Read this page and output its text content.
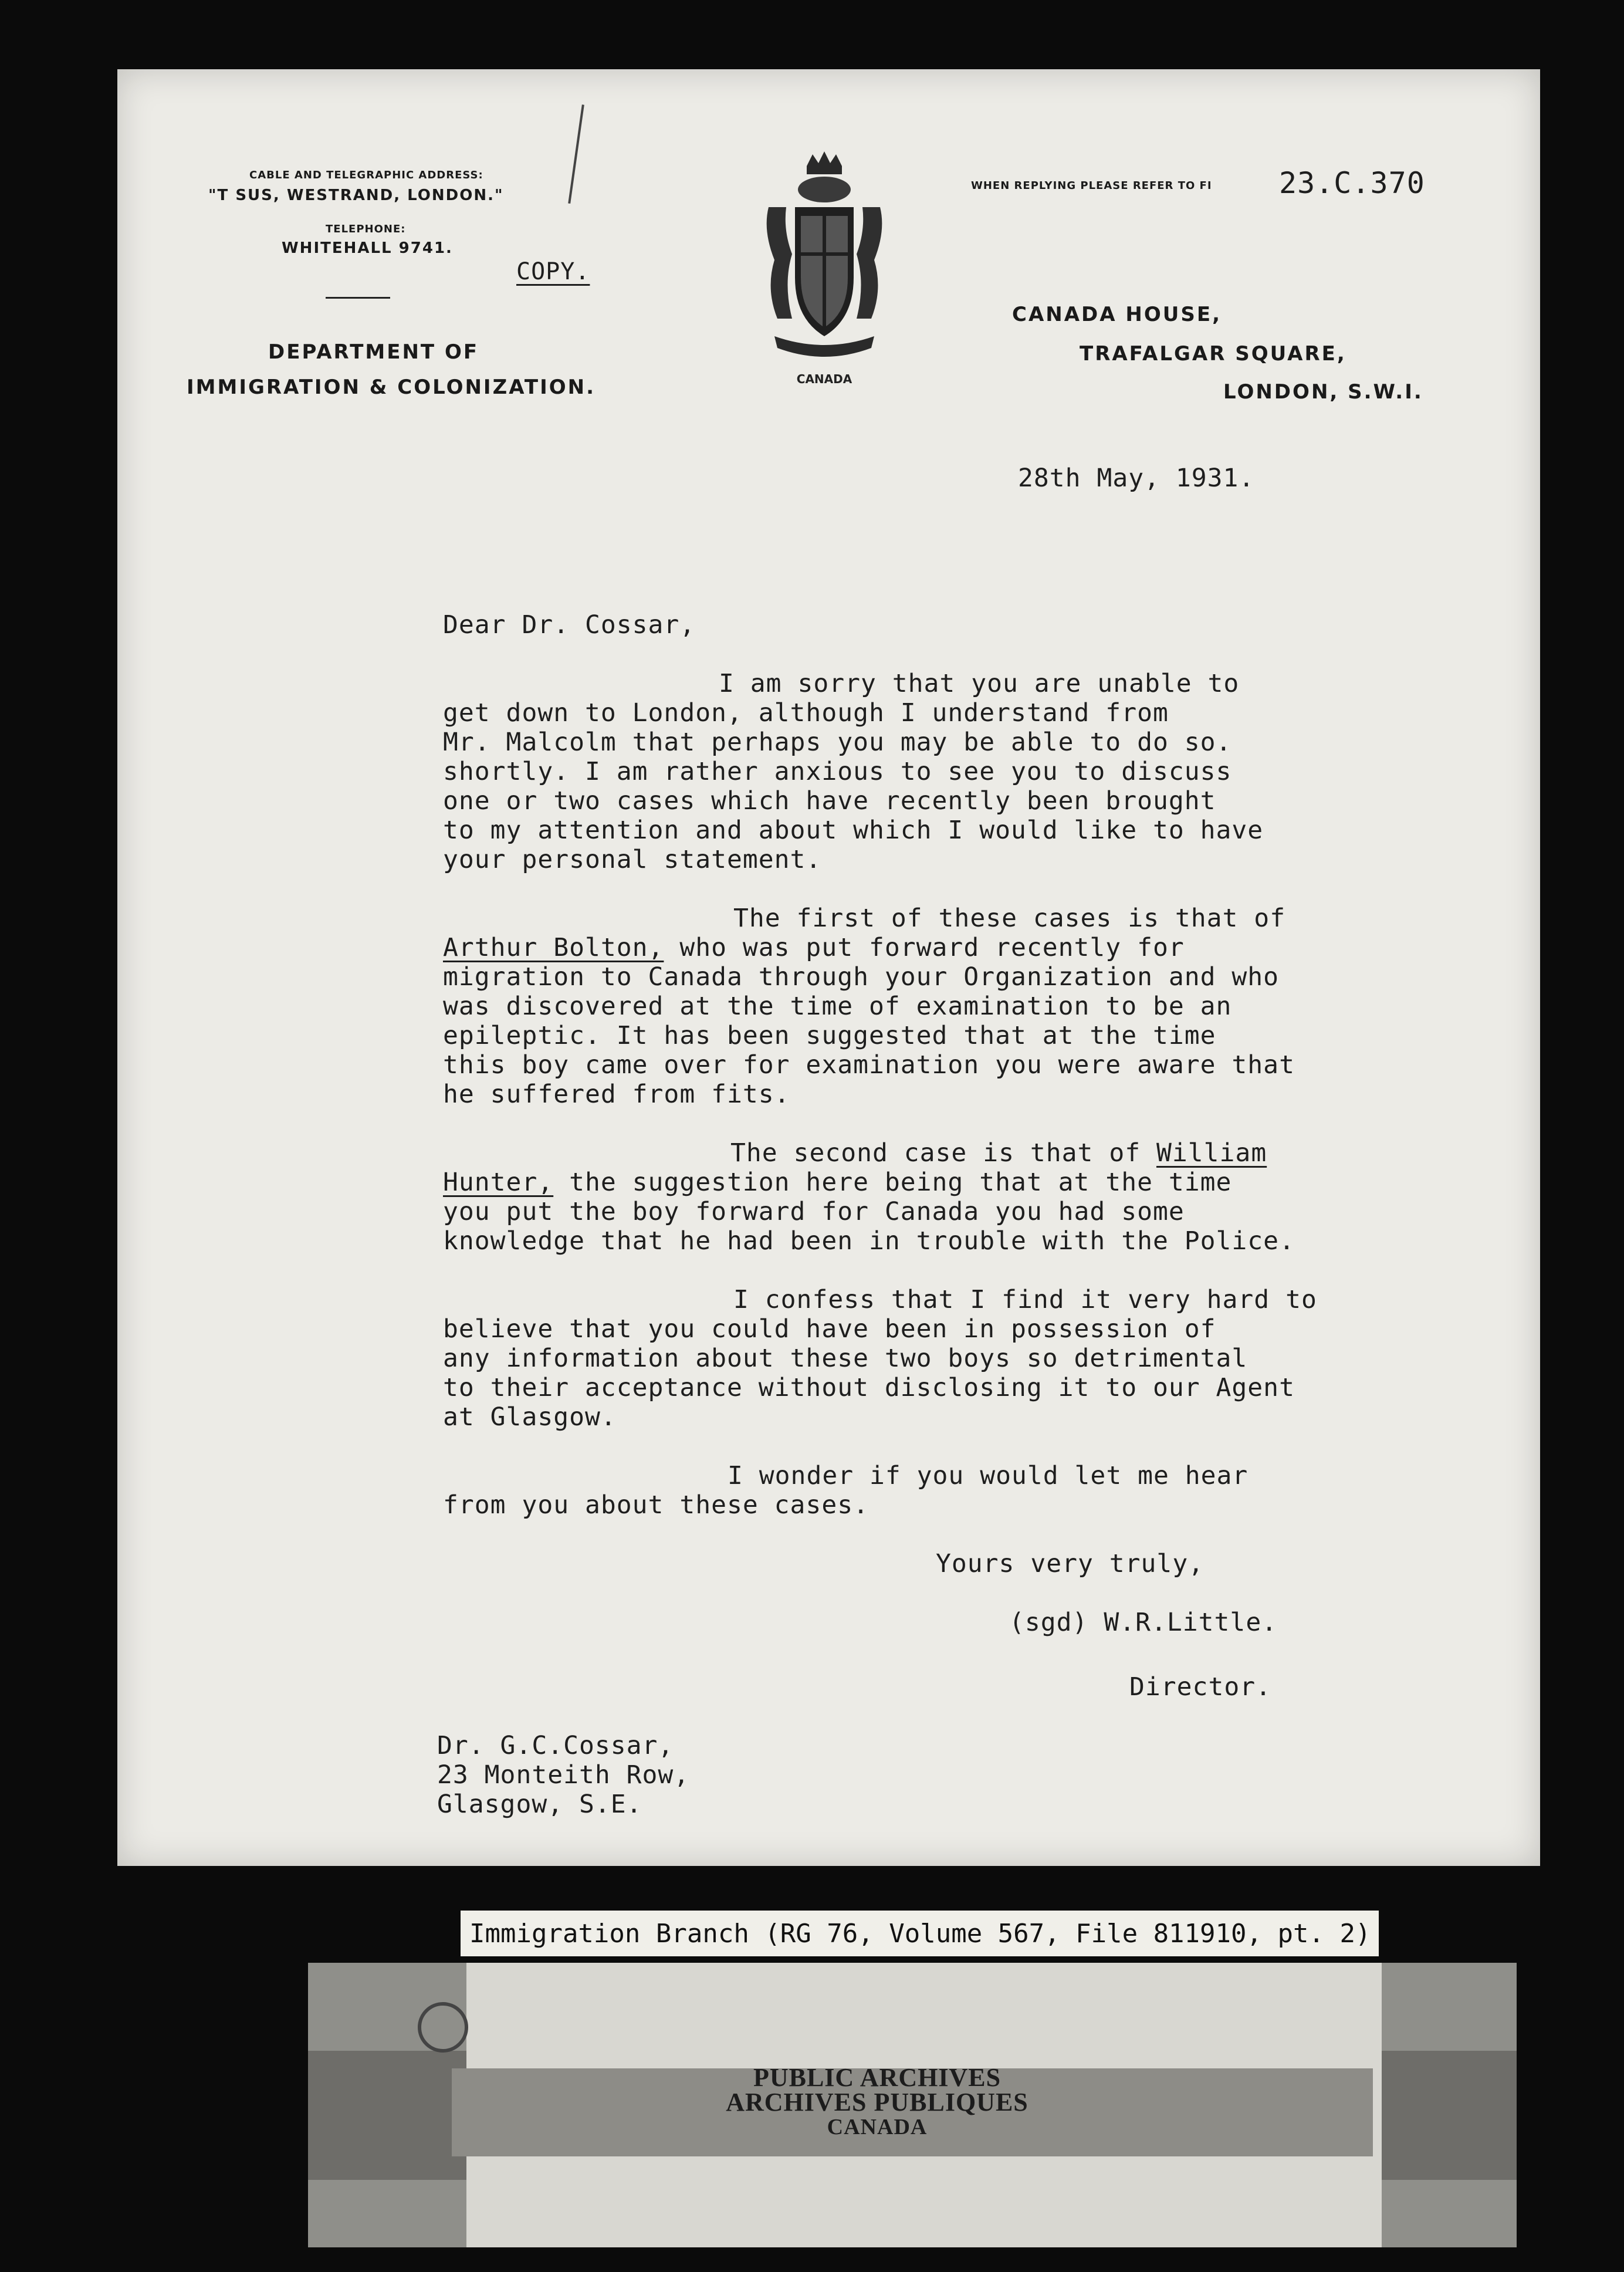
CABLE AND TELEGRAPHIC ADDRESS:
"T SUS, WESTRAND, LONDON."
TELEPHONE:
WHITEHALL 9741.
COPY.
DEPARTMENT OF
IMMIGRATION & COLONIZATION.	CANADA
WHEN REPLYING PLEASE REFER TO FI 23.C.370
CANADA HOUSE,
TRAFALGAR SQUARE,
LONDON, S.W.I.
28th May, 1931.
Dear Dr. Cossar,
I am sorry that you are unable to
get down to London, although I understand from
Mr. Malcolm that perhaps you may be able to do so.
shortly. I am rather anxious to see you to discuss
one or two cases which have recently been brought
to my attention and about which I would like to have
your personal statement.
The first of these cases is that of
Arthur Bolton, who was put forward recently for
migration to Canada through your Organization and who
was discovered at the time of examination to be an
epileptic. It has been suggested that at the time
this boy came over for examination you were aware that
he suffered from fits.
The second case is that of William
Hunter, the suggestion here being that at the time
you put the boy forward for Canada you had some
knowledge that he had been in trouble with the Police.
I confess that I find it very hard to
believe that you could have been in possession of
any information about these two boys so detrimental
to their acceptance without disclosing it to our Agent
at Glasgow.
I wonder if you would let me hear
from you about these cases.
Yours very truly,
(sgd) W.R.Little.
Director.
Dr. G.C.Cossar,
23 Monteith Row,
Glasgow, S.E.
Immigration Branch (RG 76, Volume 567, File 811910, pt. 2)
PUBLIC ARCHIVES
ARCHIVES PUBLIQUES
CANADA
